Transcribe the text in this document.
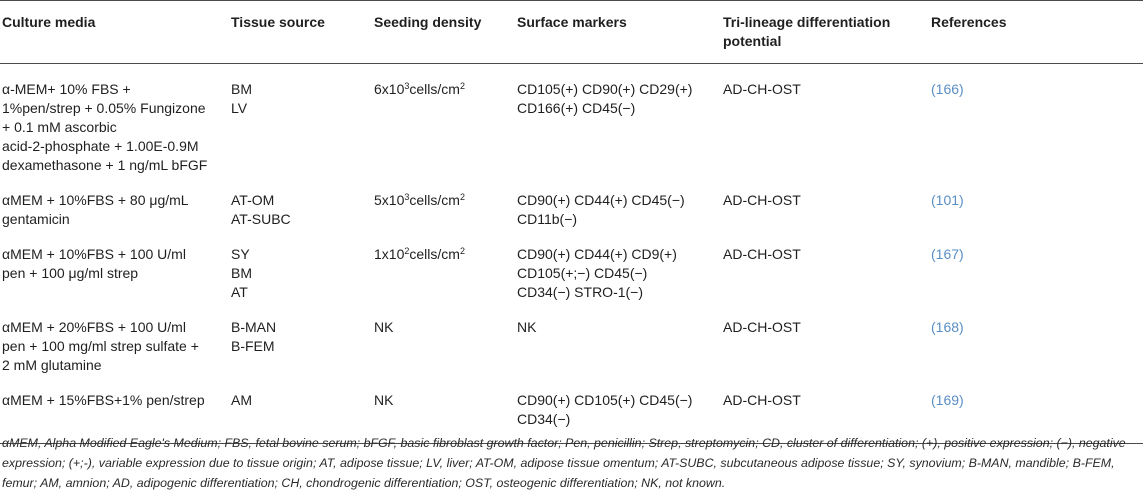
Culture media	Tissue source	Seeding density	Surface markers	Tri-lineage differentiation
potential	References
α-MEM+ 10% FBS +
1%pen/strep + 0.05% Fungizone
+ 0.1 mM ascorbic
acid-2-phosphate + 1.00E-0.9M
dexamethasone + 1 ng/mL bFGF	BM
LV	$6x10^3cells/cm^2$	CD105(+) CD90(+) CD29(+)
CD166(+) CD45(−)	AD-CH-OST	(166)
αMEM + 10%FBS + 80 μg/mL
gentamicin	AT-OM
AT-SUBC	$5x10^3cells/cm^2$	CD90(+) CD44(+) CD45(−)
CD11b(−)	AD-CH-OST	(101)
αMEM + 10%FBS + 100 U/ml
pen + 100 μg/ml strep	SY
BM
AT	$1x10^2cells/cm^2$	CD90(+) CD44(+) CD9(+)
CD105(+;−) CD45(−)
CD34(−) STRO-1(−)	AD-CH-OST	(167)
αMEM + 20%FBS + 100 U/ml
pen + 100 mg/ml strep sulfate +
2 mM glutamine	B-MAN
B-FEM	NK	NK	AD-CH-OST	(168)
αMEM + 15%FBS+1% pen/strep	AM	NK	CD90(+) CD105(+) CD45(−)
CD34(−)	AD-CH-OST	(169)
αMEM, Alpha Modified Eagle's Medium; FBS, fetal bovine serum; bFGF, basic fibroblast growth factor; Pen, penicillin; Strep, streptomycin; CD, cluster of differentiation; (+), positive expression; (−), negative expression; (+;-), variable expression due to tissue origin; AT, adipose tissue; LV, liver; AT-OM, adipose tissue omentum; AT-SUBC, subcutaneous adipose tissue; SY, synovium; B-MAN, mandible; B-FEM, femur; AM, amnion; AD, adipogenic differentiation; CH, chondrogenic differentiation; OST, osteogenic differentiation; NK, not known.
